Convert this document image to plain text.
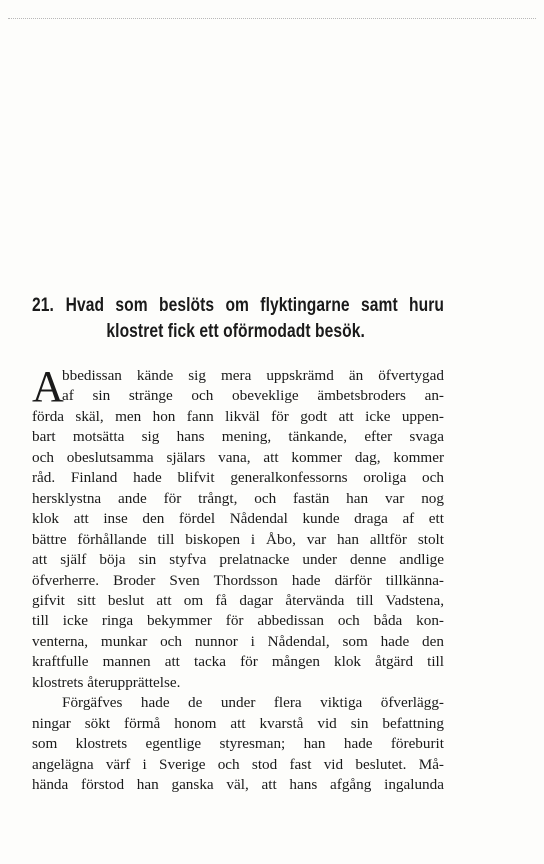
21. Hvad som beslöts om flyktingarne samt huru
klostret fick ett oförmodadt besök.
A
bbedissan kände sig mera uppskrämd än öfvertygad
af sin stränge och obeveklige ämbetsbroders an-
förda skäl, men hon fann likväl för godt att icke uppen-
bart motsätta sig hans mening, tänkande, efter svaga
och obeslutsamma själars vana, att kommer dag, kommer
råd. Finland hade blifvit generalkonfessorns oroliga och
hersklystna ande för trångt, och fastän han var nog
klok att inse den fördel Nådendal kunde draga af ett
bättre förhållande till biskopen i Åbo, var han alltför stolt
att själf böja sin styfva prelatnacke under denne andlige
öfverherre. Broder Sven Thordsson hade därför tillkänna-
gifvit sitt beslut att om få dagar återvända till Vadstena,
till icke ringa bekymmer för abbedissan och båda kon-
venterna, munkar och nunnor i Nådendal, som hade den
kraftfulle mannen att tacka för mången klok åtgärd till
klostrets återupprättelse.
Förgäfves hade de under flera viktiga öfverlägg-
ningar sökt förmå honom att kvarstå vid sin befattning
som klostrets egentlige styresman; han hade föreburit
angelägna värf i Sverige och stod fast vid beslutet. Må-
hända förstod han ganska väl, att hans afgång ingalunda
